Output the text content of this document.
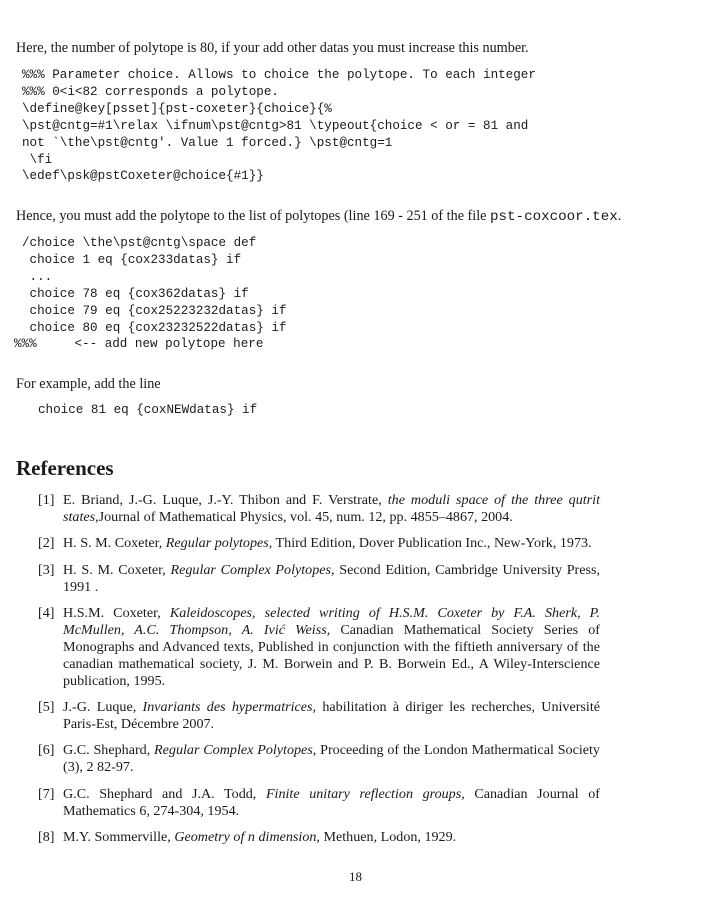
Here, the number of polytope is 80, if your add other datas you must increase this number.

%%% Parameter choice. Allows to choice the polytope. To each integer
%%% 0<i<82 corresponds a polytope.
\define@key[psset]{pst-coxeter}{choice}{%
\pst@cntg=#1\relax \ifnum\pst@cntg>81 \typeout{choice < or = 81 and
not `\the\pst@cntg'. Value 1 forced.} \pst@cntg=1
\fi
\edef\psk@pstCoxeter@choice{#1}}

Hence, you must add the polytope to the list of polytopes (line 169 - 251 of the file pst-coxcoor.tex.

/choice \the\pst@cntg\space def
choice 1 eq {cox233datas} if
...
choice 78 eq {cox362datas} if
choice 79 eq {cox25223232datas} if
choice 80 eq {cox23232522datas} if
%%%     <-- add new polytope here

For example, add the line

choice 81 eq {coxNEWdatas} if
References
[1] E. Briand, J.-G. Luque, J.-Y. Thibon and F. Verstrate, the moduli space of the three qutrit states,Journal of Mathematical Physics, vol. 45, num. 12, pp. 4855–4867, 2004.
[2] H. S. M. Coxeter, Regular polytopes, Third Edition, Dover Publication Inc., New-York, 1973.
[3] H. S. M. Coxeter, Regular Complex Polytopes, Second Edition, Cambridge University Press, 1991 .
[4] H.S.M. Coxeter, Kaleidoscopes, selected writing of H.S.M. Coxeter by F.A. Sherk, P. McMullen, A.C. Thompson, A. Ivić Weiss, Canadian Mathematical Society Series of Monographs and Advanced texts, Published in conjunction with the fiftieth anniversary of the canadian mathematical society, J. M. Borwein and P. B. Borwein Ed., A Wiley-Interscience publication, 1995.
[5] J.-G. Luque, Invariants des hypermatrices, habilitation à diriger les recherches, Université Paris-Est, Décembre 2007.
[6] G.C. Shephard, Regular Complex Polytopes, Proceeding of the London Mathermatical Society (3), 2 82-97.
[7] G.C. Shephard and J.A. Todd, Finite unitary reflection groups, Canadian Journal of Mathematics 6, 274-304, 1954.
[8] M.Y. Sommerville, Geometry of n dimension, Methuen, Lodon, 1929.
18
